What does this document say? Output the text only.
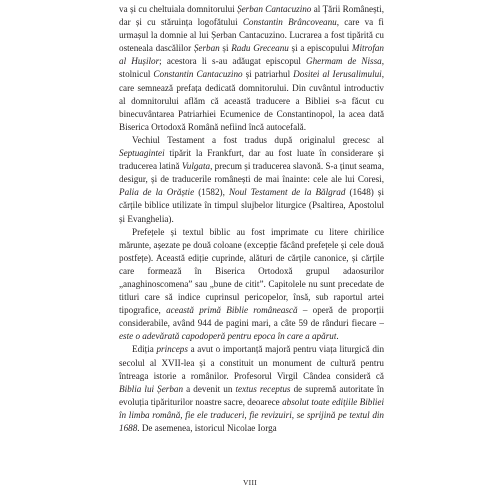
va și cu cheltuiala domnitorului Șerban Cantacuzino al Țării Românești, dar și cu stăruința logofătului Constantin Brâncoveanu, care va fi urmașul la domnie al lui Șerban Cantacuzino. Lucrarea a fost tipărită cu osteneala dascălilor Șerban și Radu Greceanu și a episcopului Mitrofan al Hușilor; acestora li s-au adăugat episcopul Ghermam de Nissa, stolnicul Constantin Cantacuzino și patriarhul Dositei al Ierusalimului, care semnează prefața dedicată domnitorului. Din cuvântul introductiv al domnitorului aflăm că această traducere a Bibliei s-a făcut cu binecuvântarea Patriarhiei Ecumenice de Constantinopol, la acea dată Biserica Ortodoxă Română nefiind încă autocefală.

Vechiul Testament a fost tradus după originalul grecesc al Septuagintei tipărit la Frankfurt, dar au fost luate în considerare și traducerea latină Vulgata, precum și traducerea slavonă. S-a ținut seama, desigur, și de traducerile românești de mai înainte: cele ale lui Coresi, Palia de la Orăștie (1582), Noul Testament de la Bălgrad (1648) și cărțile biblice utilizate în timpul slujbelor liturgice (Psaltirea, Apostolul și Evanghelia).

Prefețele și textul biblic au fost imprimate cu litere chirilice mărunte, așezate pe două coloane (excepție făcând prefețele și cele două postfețe). Această ediție cuprinde, alături de cărțile canonice, și cărțile care formează în Biserica Ortodoxă grupul adaosurilor „anaghinoscomena” sau „bune de citit”. Capitolele nu sunt precedate de titluri care să indice cuprinsul pericopelor, însă, sub raportul artei tipografice, această primă Biblie românească – operă de proporții considerabile, având 944 de pagini mari, a câte 59 de rânduri fiecare – este o adevărată capodoperă pentru epoca în care a apărut.

Ediția princeps a avut o importanță majoră pentru viața liturgică din secolul al XVII-lea și a constituit un monument de cultură pentru întreaga istorie a românilor. Profesorul Virgil Cândea consideră că Biblia lui Șerban a devenit un textus receptus de supremă autoritate în evoluția tipăriturilor noastre sacre, deoarece absolut toate edițiile Bibliei în limba română, fie ele traduceri, fie revizuiri, se sprijină pe textul din 1688. De asemenea, istoricul Nicolae Iorga

VIII
